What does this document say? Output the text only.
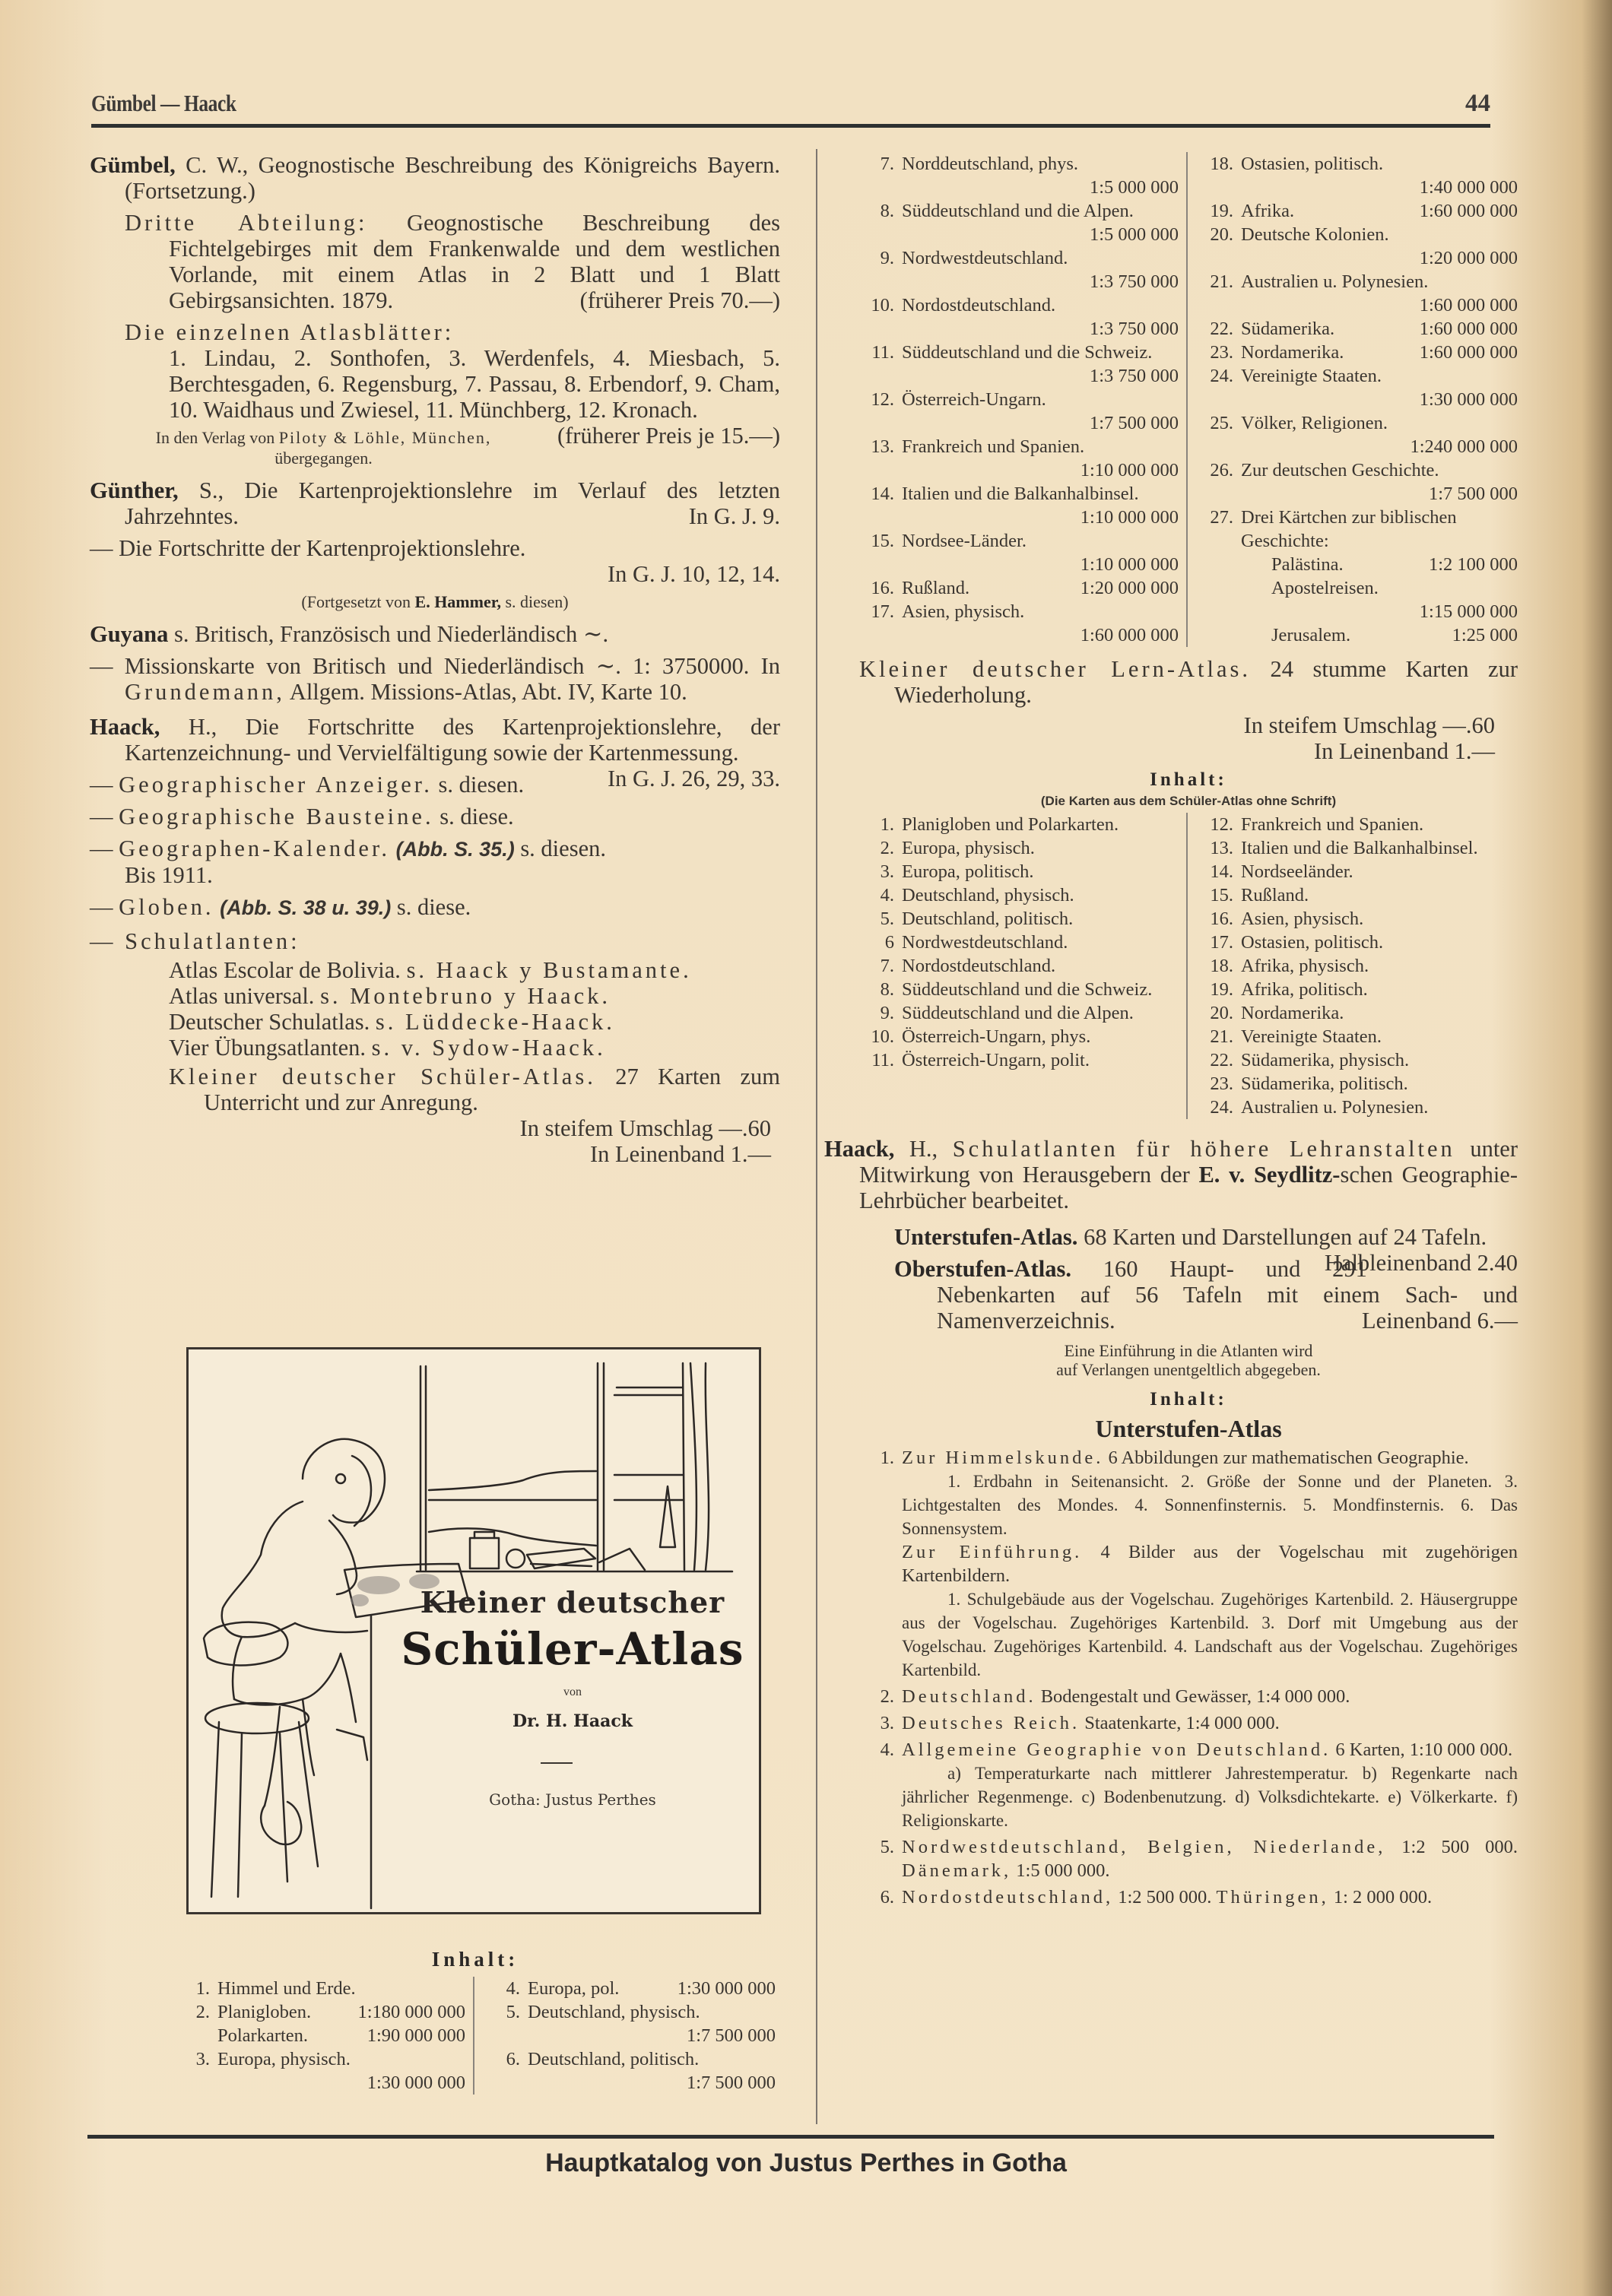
Gümbel — Haack	44
Gümbel, C. W., Geognostische Beschreibung des Königreichs Bayern. (Fortsetzung.)

Dritte Abteilung: Geognostische Beschreibung des Fichtelgebirges mit dem Frankenwalde und dem westlichen Vorlande, mit einem Atlas in 2 Blatt und 1 Blatt Gebirgsansichten. 1879.	(früherer Preis 70.—)

Die einzelnen Atlasblätter:

1. Lindau, 2. Sonthofen, 3. Werdenfels, 4. Miesbach, 5. Berchtesgaden, 6. Regensburg, 7. Passau, 8. Erbendorf, 9. Cham, 10. Waidhaus und Zwiesel, 11. Münchberg, 12. Kronach.
(früherer Preis je 15.—)

In den Verlag von Piloty & Löhle, München,
übergegangen.
Günther, S., Die Kartenprojektionslehre im Verlauf des letzten Jahrzehntes.	In G. J. 9.
— Die Fortschritte der Kartenprojektionslehre.
In G. J. 10, 12, 14.
(Fortgesetzt von E. Hammer, s. diesen)
Guyana s. Britisch, Französisch und Niederländisch ∼.
— Missionskarte von Britisch und Niederländisch ∼. 1: 3750000. In Grundemann, Allgem. Missions-Atlas, Abt. IV, Karte 10.
Haack, H., Die Fortschritte des Kartenprojektionslehre, der Kartenzeichnung- und Vervielfältigung sowie der Kartenmessung.
In G. J. 26, 29, 33.
— Geographischer Anzeiger. s. diesen.
— Geographische Bausteine. s. diese.
— Geographen-Kalender. (Abb. S. 35.) s. diesen.
Bis 1911.
— Globen. (Abb. S. 38 u. 39.) s. diese.
— Schulatlanten:
Atlas Escolar de Bolivia. s. Haack y Bustamante.
Atlas universal. s. Montebruno y Haack.
Deutscher Schulatlas. s. Lüddecke-Haack.
Vier Übungsatlanten. s. v. Sydow-Haack.

Kleiner deutscher Schüler-Atlas. 27 Karten zum Unterricht und zur Anregung.

In steifem Umschlag —.60

In Leinenband 1.—

Kleiner deutscher
Schüler-Atlas
von
Dr. H. Haack
Gotha: Justus Perthes
Inhalt:
1. Himmel und Erde.
2. Planigloben.	1:180 000 000
Polarkarten.	1:90 000 000
3. Europa, physisch.
1:30 000 000
4. Europa, pol.	1:30 000 000
5. Deutschland, physisch.
1:7 500 000
6. Deutschland, politisch.
1:7 500 000
7. Norddeutschland, phys.
1:5 000 000
8. Süddeutschland und die Alpen.
1:5 000 000
9. Nordwestdeutschland.
1:3 750 000
10. Nordostdeutschland.
1:3 750 000
11. Süddeutschland und die Schweiz.
1:3 750 000
12. Österreich-Ungarn.
1:7 500 000
13. Frankreich und Spanien.
1:10 000 000
14. Italien und die Balkanhalbinsel.
1:10 000 000
15. Nordsee-Länder.
1:10 000 000
16. Rußland.	1:20 000 000
17. Asien, physisch.
1:60 000 000
18. Ostasien, politisch.
1:40 000 000
19. Afrika.	1:60 000 000
20. Deutsche Kolonien.
1:20 000 000
21. Australien u. Polynesien.
1:60 000 000
22. Südamerika.	1:60 000 000
23. Nordamerika.	1:60 000 000
24. Vereinigte Staaten.
1:30 000 000
25. Völker, Religionen.
1:240 000 000
26. Zur deutschen Geschichte.
1:7 500 000
27. Drei Kärtchen zur biblischen Geschichte:
Palästina.	1:2 100 000
Apostelreisen.
1:15 000 000
Jerusalem.	1:25 000

Kleiner deutscher Lern-Atlas. 24 stumme Karten zur Wiederholung.

In steifem Umschlag —.60

In Leinenband 1.—

Inhalt:
(Die Karten aus dem Schüler-Atlas ohne Schrift)
1. Planigloben und Polarkarten.
2. Europa, physisch.
3. Europa, politisch.
4. Deutschland, physisch.
5. Deutschland, politisch.
6 Nordwestdeutschland.
7. Nordostdeutschland.
8. Süddeutschland und die Schweiz.
9. Süddeutschland und die Alpen.
10. Österreich-Ungarn, phys.
11. Österreich-Ungarn, polit.
12. Frankreich und Spanien.
13. Italien und die Balkanhalbinsel.
14. Nordseeländer.
15. Rußland.
16. Asien, physisch.
17. Ostasien, politisch.
18. Afrika, physisch.
19. Afrika, politisch.
20. Nordamerika.
21. Vereinigte Staaten.
22. Südamerika, physisch.
23. Südamerika, politisch.
24. Australien u. Polynesien.

Haack, H., Schulatlanten für höhere Lehranstalten unter Mitwirkung von Herausgebern der E. v. Seydlitz-schen Geographie-Lehrbücher bearbeitet.

Unterstufen-Atlas. 68 Karten und Darstellungen auf 24 Tafeln.
Halbleinenband 2.40

Oberstufen-Atlas. 160 Haupt- und 291 Nebenkarten auf 56 Tafeln mit einem Sach- und Namenverzeichnis.	Leinenband 6.—

Eine Einführung in die Atlanten wird
auf Verlangen unentgeltlich abgegeben.
Inhalt:
Unterstufen-Atlas
1. Zur Himmelskunde. 6 Abbildungen zur mathematischen Geographie.
1. Erdbahn in Seitenansicht. 2. Größe der Sonne und der Planeten. 3. Lichtgestalten des Mondes. 4. Sonnenfinsternis. 5. Mondfinsternis. 6. Das Sonnensystem.
Zur Einführung. 4 Bilder aus der Vogelschau mit zugehörigen Kartenbildern.
1. Schulgebäude aus der Vogelschau. Zugehöriges Kartenbild. 2. Häusergruppe aus der Vogelschau. Zugehöriges Kartenbild. 3. Dorf mit Umgebung aus der Vogelschau. Zugehöriges Kartenbild. 4. Landschaft aus der Vogelschau. Zugehöriges Kartenbild.
2. Deutschland. Bodengestalt und Gewässer, 1:4 000 000.
3. Deutsches Reich. Staatenkarte, 1:4 000 000.
4. Allgemeine Geographie von Deutschland. 6 Karten, 1:10 000 000.
a) Temperaturkarte nach mittlerer Jahrestemperatur. b) Regenkarte nach jährlicher Regenmenge. c) Bodenbenutzung. d) Volksdichtekarte. e) Völkerkarte. f) Religionskarte.
5. Nordwestdeutschland, Belgien, Niederlande, 1:2 500 000. Dänemark, 1:5 000 000.
6. Nordostdeutschland, 1:2 500 000. Thüringen, 1: 2 000 000.
Hauptkatalog von Justus Perthes in Gotha
